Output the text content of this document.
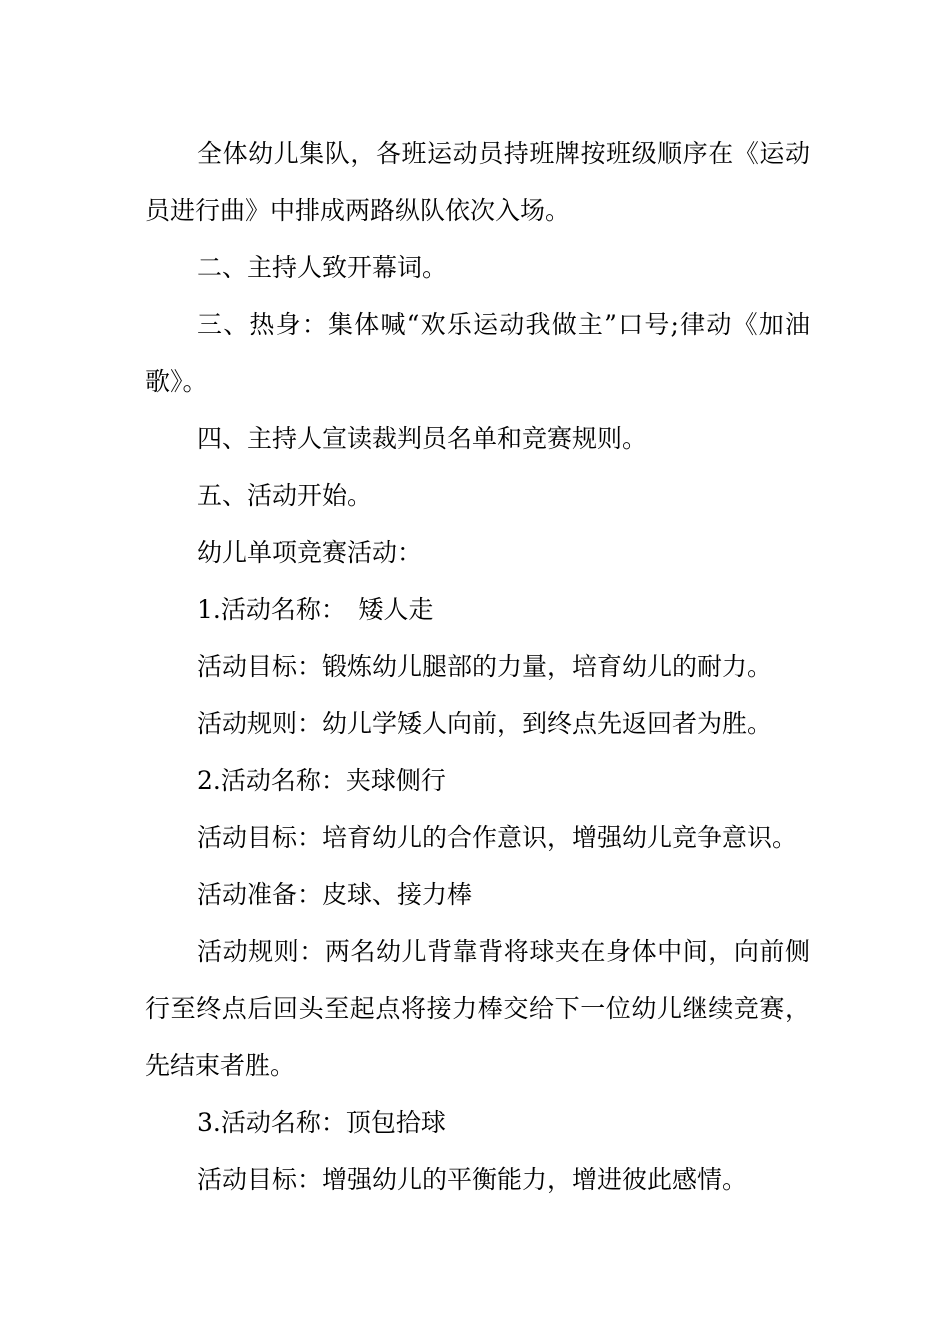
全体幼儿集队，各班运动员持班牌按班级顺序在《运动员进行曲》中排成两路纵队依次入场。

二、主持人致开幕词。

三、热身：集体喊“欢乐运动我做主”口号;律动《加油歌》。

四、主持人宣读裁判员名单和竞赛规则。

五、活动开始。

幼儿单项竞赛活动：

1.活动名称：　矮人走

活动目标：锻炼幼儿腿部的力量，培育幼儿的耐力。

活动规则：幼儿学矮人向前，到终点先返回者为胜。

2.活动名称：夹球侧行

活动目标：培育幼儿的合作意识，增强幼儿竞争意识。

活动准备：皮球、接力棒

活动规则：两名幼儿背靠背将球夹在身体中间，向前侧行至终点后回头至起点将接力棒交给下一位幼儿继续竞赛，先结束者胜。

3.活动名称：顶包拾球

活动目标：增强幼儿的平衡能力，增进彼此感情。
